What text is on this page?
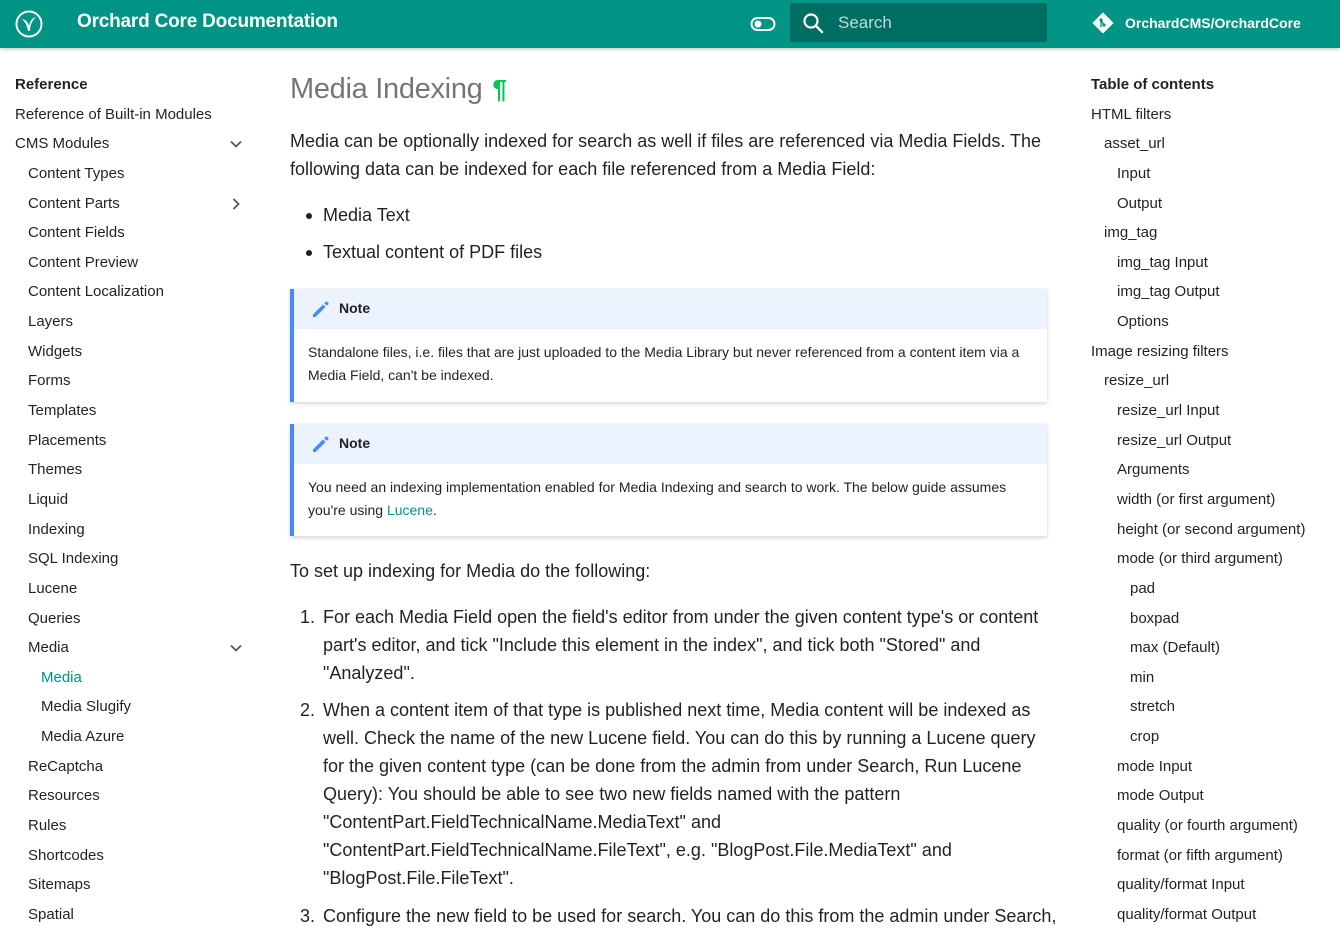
Orchard Core Documentation	Search	OrchardCMS/OrchardCore
Reference
Reference of Built-in Modules
CMS Modules
Content Types
Content Parts
Content Fields
Content Preview
Content Localization
Layers
Widgets
Forms
Templates
Placements
Themes
Liquid
Indexing
SQL Indexing
Lucene
Queries
Media
Media
Media Slugify
Media Azure
ReCaptcha
Resources
Rules
Shortcodes
Sitemaps
Spatial
Media Indexing ¶

Media can be optionally indexed for search as well if files are referenced via Media Fields. The following data can be indexed for each file referenced from a Media Field:

Media Text
Textual content of PDF files
Note

Standalone files, i.e. files that are just uploaded to the Media Library but never referenced from a content item via a Media Field, can't be indexed.

Note

You need an indexing implementation enabled for Media Indexing and search to work. The below guide assumes you're using Lucene.

To set up indexing for Media do the following:

1. For each Media Field open the field's editor from under the given content type's or content part's editor, and tick "Include this element in the index", and tick both "Stored" and "Analyzed".

2. When a content item of that type is published next time, Media content will be indexed as well. Check the name of the new Lucene field. You can do this by running a Lucene query for the given content type (can be done from the admin from under Search, Run Lucene Query): You should be able to see two new fields named with the pattern "ContentPart.FieldTechnicalName.MediaText" and "ContentPart.FieldTechnicalName.FileText", e.g. "BlogPost.File.MediaText" and "BlogPost.File.FileText".

3. Configure the new field to be used for search. You can do this from the admin under Search,

Table of contents
HTML filters
asset_url
Input
Output
img_tag
img_tag Input
img_tag Output
Options
Image resizing filters
resize_url
resize_url Input
resize_url Output
Arguments
width (or first argument)
height (or second argument)
mode (or third argument)
pad
boxpad
max (Default)
min
stretch
crop
mode Input
mode Output
quality (or fourth argument)
format (or fifth argument)
quality/format Input
quality/format Output
